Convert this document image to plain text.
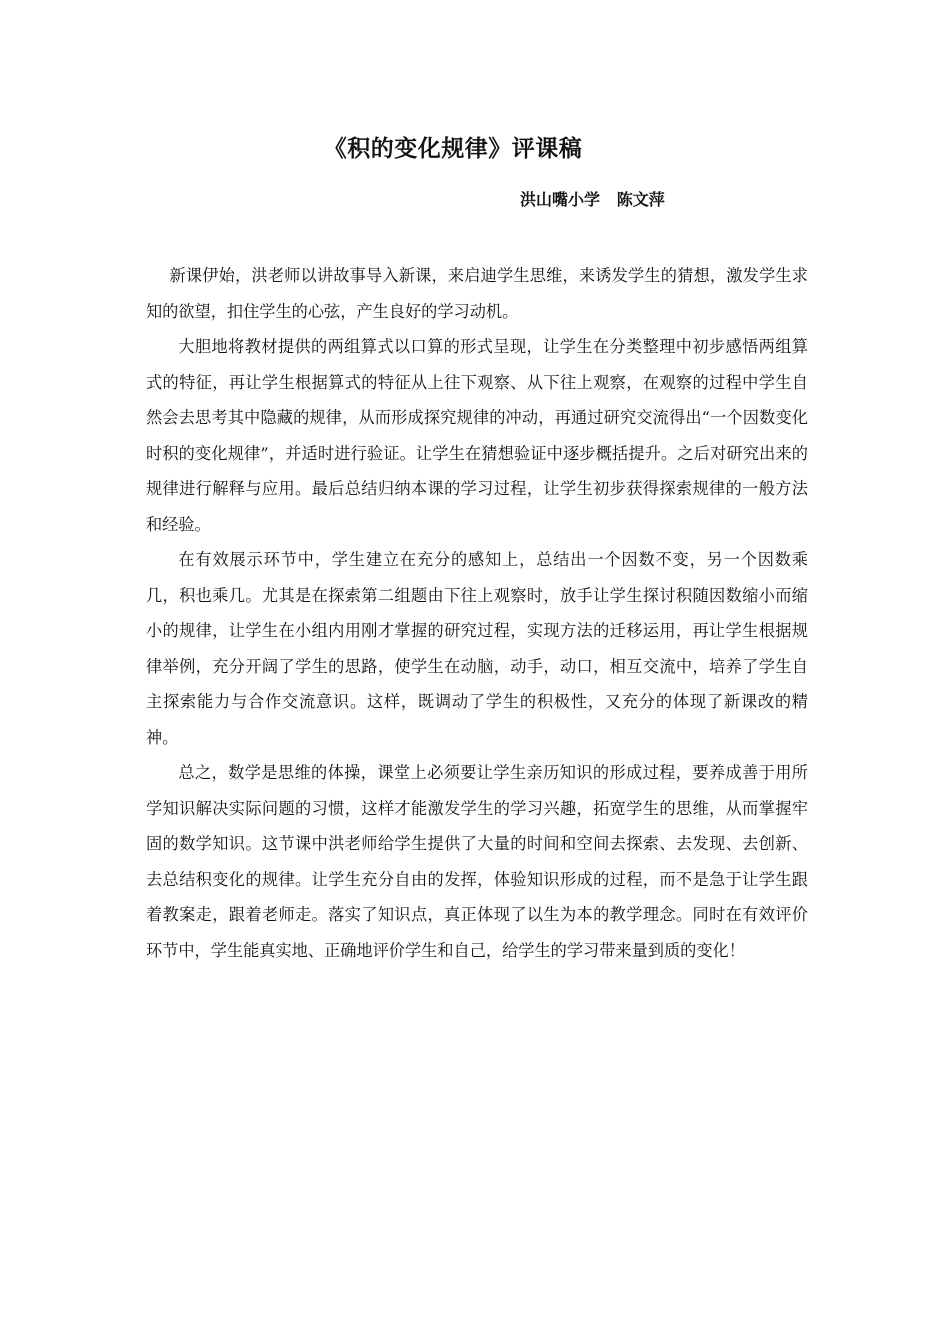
《积的变化规律》评课稿
洪山嘴小学   陈文萍

新课伊始，洪老师以讲故事导入新课，来启迪学生思维，来诱发学生的猜想，激发学生求知的欲望，扣住学生的心弦，产生良好的学习动机。

大胆地将教材提供的两组算式以口算的形式呈现，让学生在分类整理中初步感悟两组算式的特征，再让学生根据算式的特征从上往下观察、从下往上观察，在观察的过程中学生自然会去思考其中隐藏的规律，从而形成探究规律的冲动，再通过研究交流得出“一个因数变化时积的变化规律”，并适时进行验证。让学生在猜想验证中逐步概括提升。之后对研究出来的规律进行解释与应用。最后总结归纳本课的学习过程，让学生初步获得探索规律的一般方法和经验。

在有效展示环节中，学生建立在充分的感知上，总结出一个因数不变，另一个因数乘几，积也乘几。尤其是在探索第二组题由下往上观察时，放手让学生探讨积随因数缩小而缩小的规律，让学生在小组内用刚才掌握的研究过程，实现方法的迁移运用，再让学生根据规律举例，充分开阔了学生的思路，使学生在动脑，动手，动口，相互交流中，培养了学生自主探索能力与合作交流意识。这样，既调动了学生的积极性，又充分的体现了新课改的精神。

总之，数学是思维的体操，课堂上必须要让学生亲历知识的形成过程，要养成善于用所学知识解决实际问题的习惯，这样才能激发学生的学习兴趣，拓宽学生的思维，从而掌握牢固的数学知识。这节课中洪老师给学生提供了大量的时间和空间去探索、去发现、去创新、去总结积变化的规律。让学生充分自由的发挥，体验知识形成的过程，而不是急于让学生跟着教案走，跟着老师走。落实了知识点，真正体现了以生为本的教学理念。同时在有效评价环节中，学生能真实地、正确地评价学生和自己，给学生的学习带来量到质的变化！
